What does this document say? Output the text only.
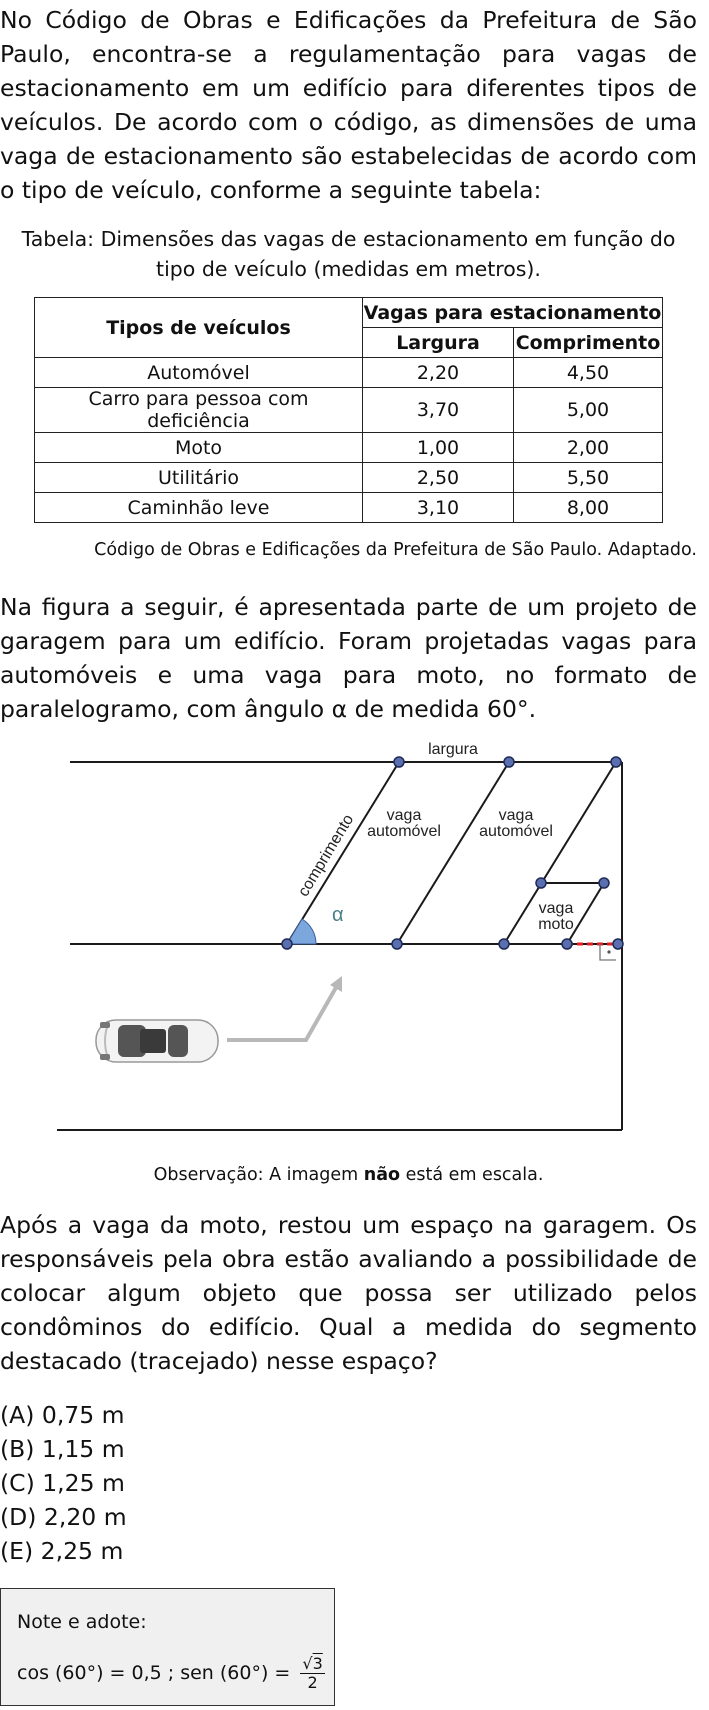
No Código de Obras e Edificações da Prefeitura de São Paulo, encontra-se a regulamentação para vagas de estacionamento em um edifício para diferentes tipos de veículos. De acordo com o código, as dimensões de uma vaga de estacionamento são estabelecidas de acordo com o tipo de veículo, conforme a seguinte tabela:

Tabela: Dimensões das vagas de estacionamento em função do tipo de veículo (medidas em metros).

Tipos de veículos	Vagas para estacionamento	
	Largura	Comprimento
Automóvel	2,20	4,50
Carro para pessoa com deficiência	3,70	5,00
Moto	1,00	2,00
Utilitário	2,50	5,50
Caminhão leve	3,10	8,00

Código de Obras e Edificações da Prefeitura de São Paulo. Adaptado.

Na figura a seguir, é apresentada parte de um projeto de garagem para um edifício. Foram projetadas vagas para automóveis e uma vaga para moto, no formato de paralelogramo, com ângulo α de medida 60°.

largura
comprimento
α
vaga
automóvel
vaga
automóvel
vaga
moto

Observação: A imagem não está em escala.

Após a vaga da moto, restou um espaço na garagem. Os responsáveis pela obra estão avaliando a possibilidade de colocar algum objeto que possa ser utilizado pelos condôminos do edifício. Qual a medida do segmento destacado (tracejado) nesse espaço?

(A) 0,75 m
(B) 1,15 m
(C) 1,25 m
(D) 2,20 m
(E) 2,25 m
Note e adote:
cos (60°) = 0,5 ; sen $(60^\circ) = \frac{√3}{2}$
